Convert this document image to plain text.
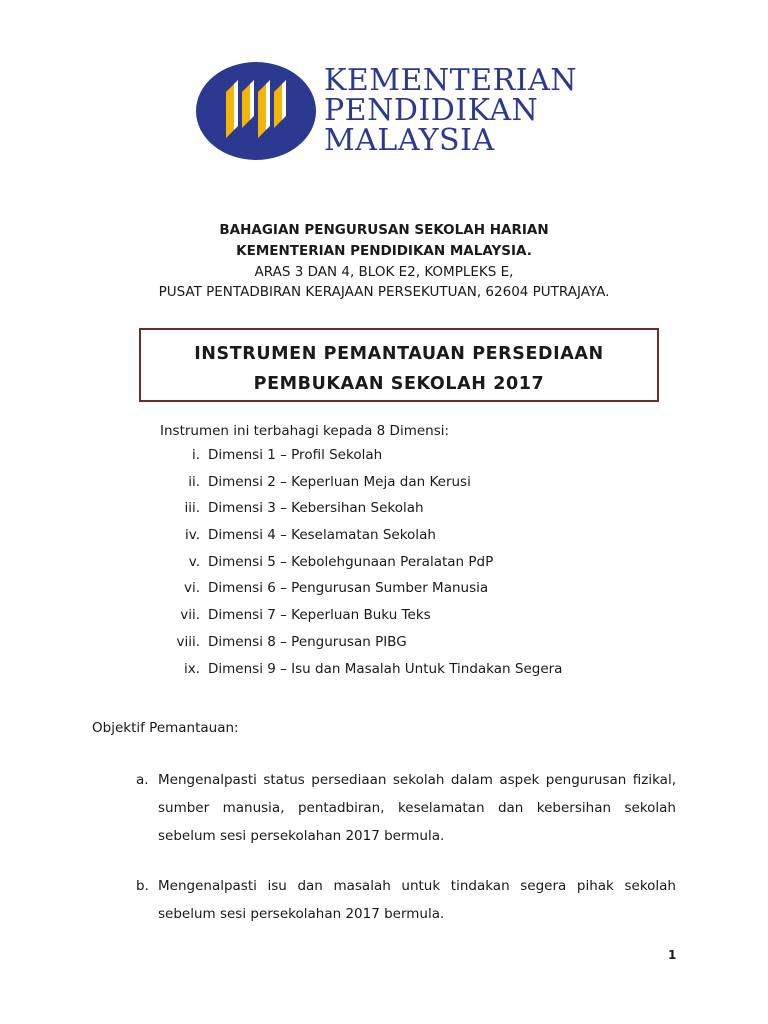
KEMENTERIAN
PENDIDIKAN
MALAYSIA
BAHAGIAN PENGURUSAN SEKOLAH HARIAN
KEMENTERIAN PENDIDIKAN MALAYSIA.
ARAS 3 DAN 4, BLOK E2, KOMPLEKS E,
PUSAT PENTADBIRAN KERAJAAN PERSEKUTUAN, 62604 PUTRAJAYA.
INSTRUMEN PEMANTAUAN PERSEDIAAN
PEMBUKAAN SEKOLAH 2017
Instrumen ini terbahagi kepada 8 Dimensi:
i. Dimensi 1 – Profil Sekolah
ii. Dimensi 2 – Keperluan Meja dan Kerusi
iii. Dimensi 3 – Kebersihan Sekolah
iv. Dimensi 4 – Keselamatan Sekolah
v. Dimensi 5 – Kebolehgunaan Peralatan PdP
vi. Dimensi 6 – Pengurusan Sumber Manusia
vii. Dimensi 7 – Keperluan Buku Teks
viii. Dimensi 8 – Pengurusan PIBG
ix. Dimensi 9 – Isu dan Masalah Untuk Tindakan Segera
Objektif Pemantauan:
a. Mengenalpasti status persediaan sekolah dalam aspek pengurusan fizikal, sumber manusia, pentadbiran, keselamatan dan kebersihan sekolah sebelum sesi persekolahan 2017 bermula.
b. Mengenalpasti isu dan masalah untuk tindakan segera pihak sekolah sebelum sesi persekolahan 2017 bermula.
1
